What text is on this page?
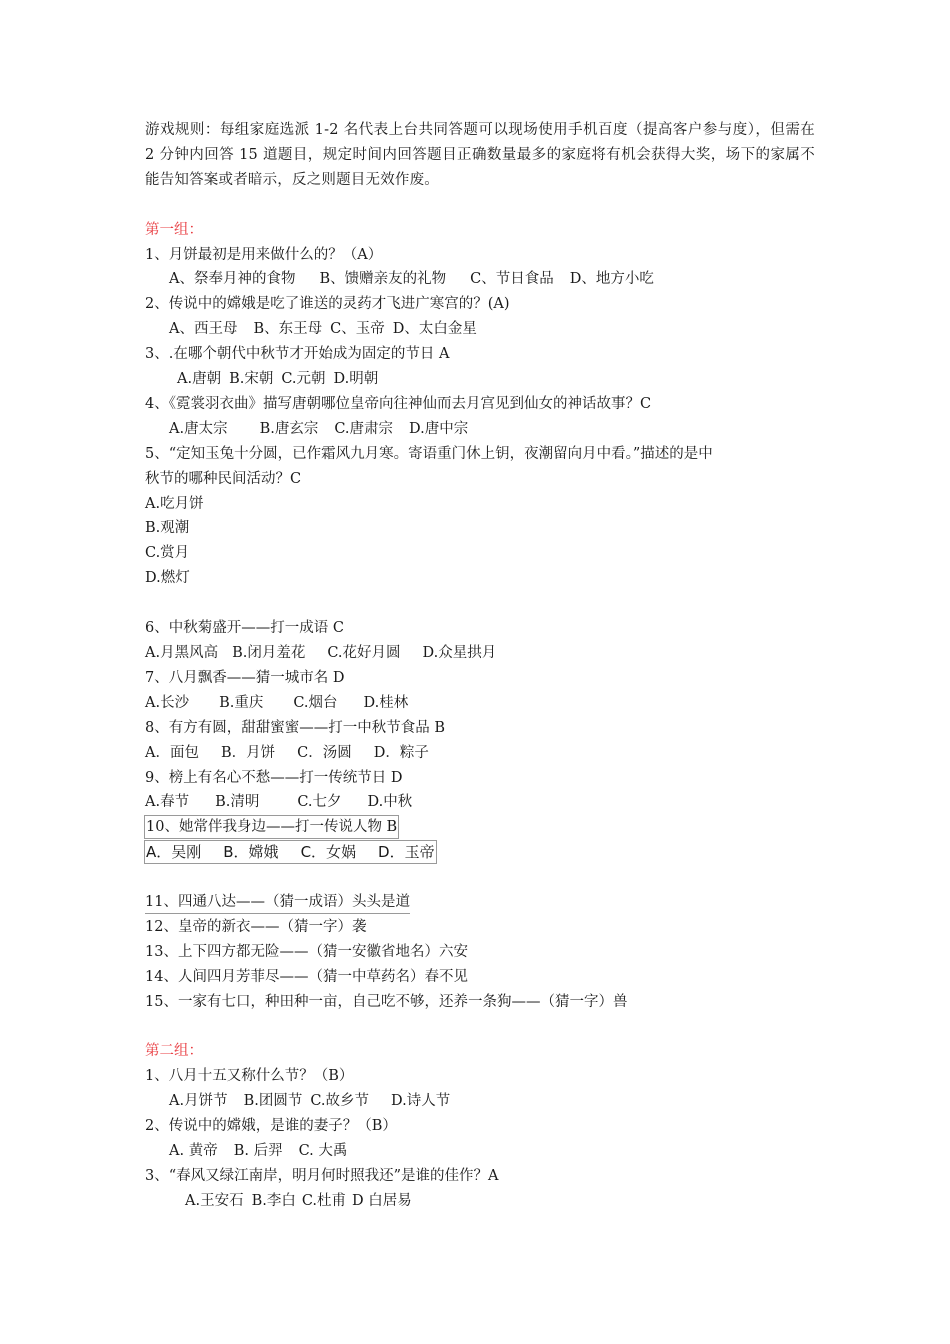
游戏规则：每组家庭选派 1-2 名代表上台共同答题可以现场使用手机百度（提高客户参与度），但需在 2 分钟内回答 15 道题目，规定时间内回答题目正确数量最多的家庭将有机会获得大奖，场下的家属不能告知答案或者暗示，反之则题目无效作废。
第一组：
1、月饼最初是用来做什么的？（A）
A、祭奉月神的食物 B、馈赠亲友的礼物 C、节日食品 D、地方小吃
2、传说中的嫦娥是吃了谁送的灵药才飞进广寒宫的？(A)
A、西王母 B、东王母 C、玉帝 D、太白金星
3、.在哪个朝代中秋节才开始成为固定的节日 A
A.唐朝 B.宋朝 C.元朝 D.明朝
4、《霓裳羽衣曲》描写唐朝哪位皇帝向往神仙而去月宫见到仙女的神话故事？C
A.唐太宗 B.唐玄宗 C.唐肃宗 D.唐中宗
5、“定知玉兔十分圆，已作霜风九月寒。寄语重门休上钥，夜潮留向月中看。”描述的是中
秋节的哪种民间活动？C
A.吃月饼
B.观潮
C.赏月
D.燃灯
6、中秋菊盛开——打一成语 C
A.月黑风高 B.闭月羞花 C.花好月圆 D.众星拱月
7、八月飘香——猜一城市名 D
A.长沙 B.重庆 C.烟台 D.桂林
8、有方有圆，甜甜蜜蜜——打一中秋节食品 B
A．面包 B．月饼 C．汤圆 D．粽子
9、榜上有名心不愁——打一传统节日 D
A.春节 B.清明	C.七夕 D.中秋
10、她常伴我身边——打一传说人物 B
A．吴刚 B．嫦娥 C．女娲 D．玉帝
11、四通八达——（猜一成语）头头是道
12、皇帝的新衣——（猜一字）袭
13、上下四方都无险——（猜一安徽省地名）六安
14、人间四月芳菲尽——（猜一中草药名）春不见
15、一家有七口，种田种一亩，自己吃不够，还养一条狗——（猜一字）兽
第二组：
1、八月十五又称什么节？（B）
A.月饼节 B.团圆节 C.故乡节 D.诗人节
2、传说中的嫦娥，是谁的妻子？（B）
A. 黄帝 B. 后羿 C. 大禹
3、“春风又绿江南岸，明月何时照我还”是谁的佳作？A
A.王安石 B.李白 C.杜甫 D 白居易
